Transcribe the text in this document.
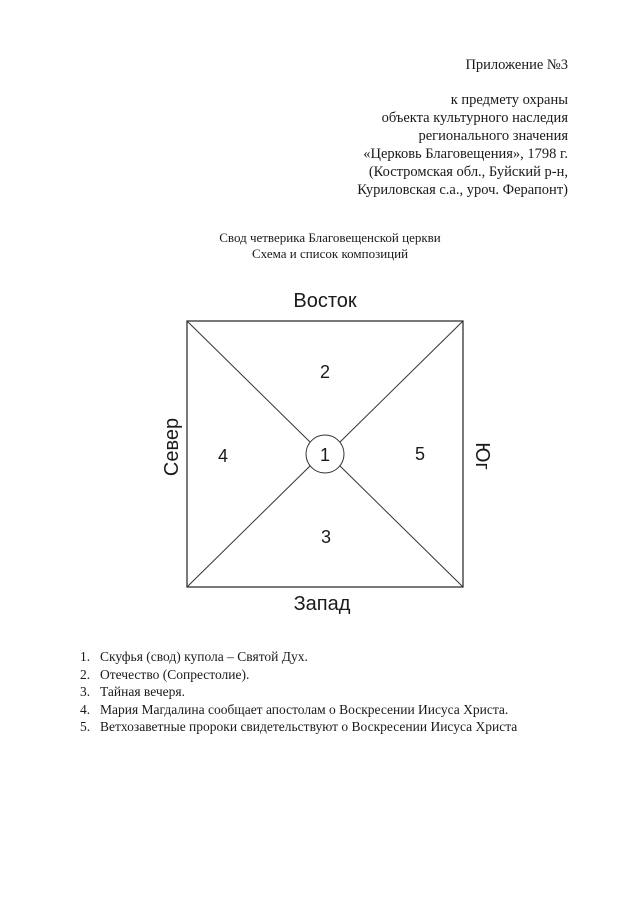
Приложение №3
к предмету охраны
объекта культурного наследия
регионального значения
«Церковь Благовещения», 1798 г.
(Костромская обл., Буйский р-н,
Куриловская с.а., уроч. Ферапонт)
Свод четверика Благовещенской церкви
Схема и список композиций
Восток
Запад
Север	Юг
1
2
3
4	5
1. Скуфья (свод) купола – Святой Дух.
2. Отечество (Сопрестолие).
3. Тайная вечеря.
4. Мария Магдалина сообщает апостолам о Воскресении Иисуса Христа.
5. Ветхозаветные пророки свидетельствуют о Воскресении Иисуса Христа
